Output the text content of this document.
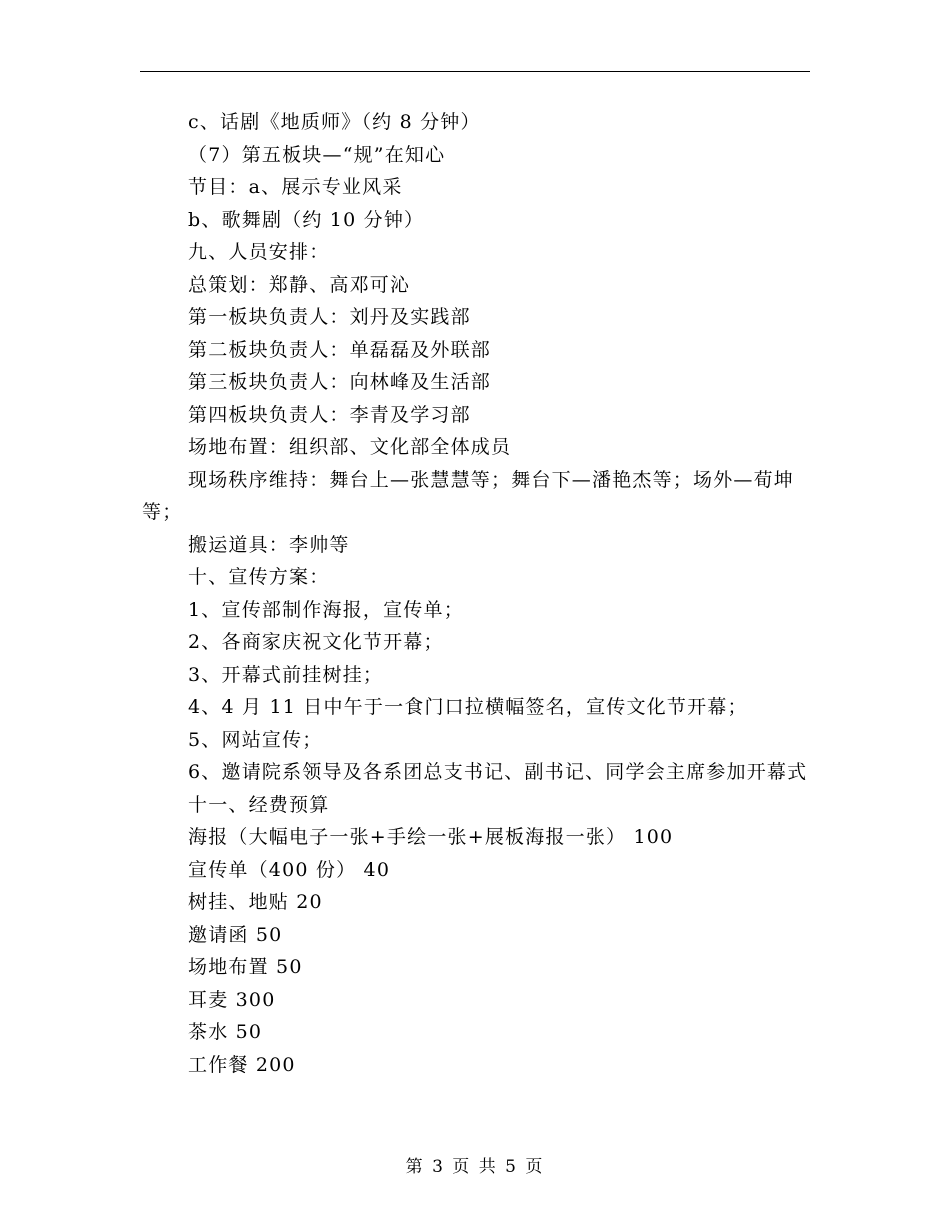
c、话剧《地质师》（约 8 分钟）

（7）第五板块—“规”在知心

节目：a、展示专业风采

b、歌舞剧（约 10 分钟）

九、人员安排：

总策划：郑静、高邓可沁

第一板块负责人：刘丹及实践部

第二板块负责人：单磊磊及外联部

第三板块负责人：向林峰及生活部

第四板块负责人：李青及学习部

场地布置：组织部、文化部全体成员

现场秩序维持：舞台上—张慧慧等；舞台下—潘艳杰等；场外—荀坤等；

搬运道具：李帅等

十、宣传方案：

1、宣传部制作海报，宣传单；

2、各商家庆祝文化节开幕；

3、开幕式前挂树挂；

4、4 月 11 日中午于一食门口拉横幅签名，宣传文化节开幕；

5、网站宣传；

6、邀请院系领导及各系团总支书记、副书记、同学会主席参加开幕式

十一、经费预算

海报（大幅电子一张+手绘一张+展板海报一张） 100

宣传单（400 份） 40

树挂、地贴 20

邀请函 50

场地布置 50

耳麦 300

茶水 50

工作餐 200

第 3 页 共 5 页
